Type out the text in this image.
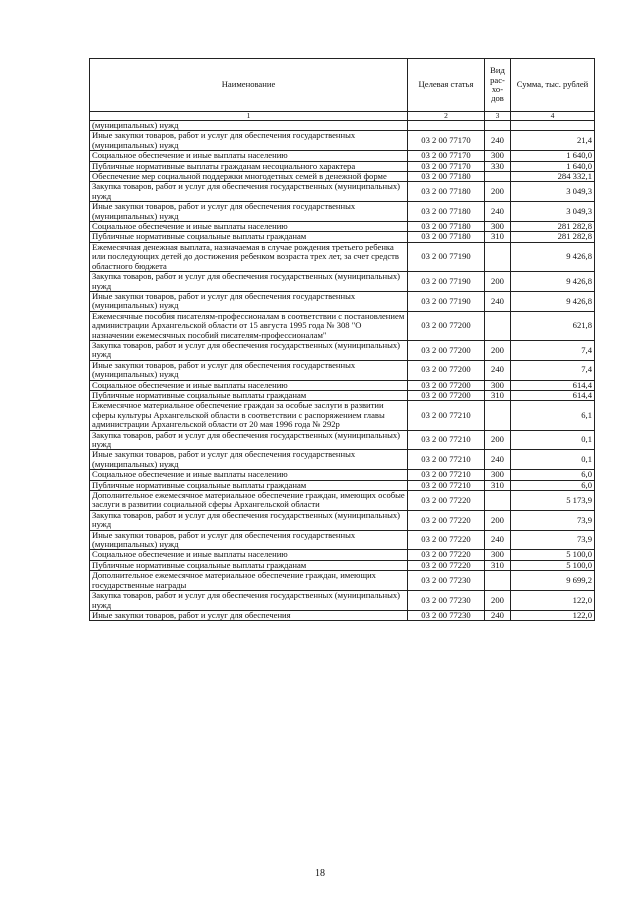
Наименование	Целевая статья	Вид рас-хо-дов	Сумма, тыс. рублей
1	2	3	4
(муниципальных) нужд			
Иные закупки товаров, работ и услуг для обеспечения государственных (муниципальных) нужд	03 2 00 77170	240	21,4
Социальное обеспечение и иные выплаты населению	03 2 00 77170	300	1 640,0
Публичные нормативные выплаты гражданам несоциального характера	03 2 00 77170	330	1 640,0
Обеспечение мер социальной поддержки многодетных семей в денежной форме	03 2 00 77180		284 332,1
Закупка товаров, работ и услуг для обеспечения государственных (муниципальных) нужд	03 2 00 77180	200	3 049,3
Иные закупки товаров, работ и услуг для обеспечения государственных (муниципальных) нужд	03 2 00 77180	240	3 049,3
Социальное обеспечение и иные выплаты населению	03 2 00 77180	300	281 282,8
Публичные нормативные социальные выплаты гражданам	03 2 00 77180	310	281 282,8
Ежемесячная денежная выплата, назначаемая в случае рождения третьего ребенка или последующих детей до достижения ребенком возраста трех лет, за счет средств областного бюджета	03 2 00 77190		9 426,8
Закупка товаров, работ и услуг для обеспечения государственных (муниципальных) нужд	03 2 00 77190	200	9 426,8
Иные закупки товаров, работ и услуг для обеспечения государственных (муниципальных) нужд	03 2 00 77190	240	9 426,8
Ежемесячные пособия писателям-профессионалам в соответствии с постановлением администрации Архангельской области от 15 августа 1995 года № 308 "О назначении ежемесячных пособий писателям-профессионалам"	03 2 00 77200		621,8
Закупка товаров, работ и услуг для обеспечения государственных (муниципальных) нужд	03 2 00 77200	200	7,4
Иные закупки товаров, работ и услуг для обеспечения государственных (муниципальных) нужд	03 2 00 77200	240	7,4
Социальное обеспечение и иные выплаты населению	03 2 00 77200	300	614,4
Публичные нормативные социальные выплаты гражданам	03 2 00 77200	310	614,4
Ежемесячное материальное обеспечение граждан за особые заслуги в развитии сферы культуры Архангельской области в соответствии с распоряжением главы администрации Архангельской области от 20 мая 1996 года № 292р	03 2 00 77210		6,1
Закупка товаров, работ и услуг для обеспечения государственных (муниципальных) нужд	03 2 00 77210	200	0,1
Иные закупки товаров, работ и услуг для обеспечения государственных (муниципальных) нужд	03 2 00 77210	240	0,1
Социальное обеспечение и иные выплаты населению	03 2 00 77210	300	6,0
Публичные нормативные социальные выплаты гражданам	03 2 00 77210	310	6,0
Дополнительное ежемесячное материальное обеспечение граждан, имеющих особые заслуги в развитии социальной сферы Архангельской области	03 2 00 77220		5 173,9
Закупка товаров, работ и услуг для обеспечения государственных (муниципальных) нужд	03 2 00 77220	200	73,9
Иные закупки товаров, работ и услуг для обеспечения государственных (муниципальных) нужд	03 2 00 77220	240	73,9
Социальное обеспечение и иные выплаты населению	03 2 00 77220	300	5 100,0
Публичные нормативные социальные выплаты гражданам	03 2 00 77220	310	5 100,0
Дополнительное ежемесячное материальное обеспечение граждан, имеющих государственные награды	03 2 00 77230		9 699,2
Закупка товаров, работ и услуг для обеспечения государственных (муниципальных) нужд	03 2 00 77230	200	122,0
Иные закупки товаров, работ и услуг для обеспечения	03 2 00 77230	240	122,0
18
